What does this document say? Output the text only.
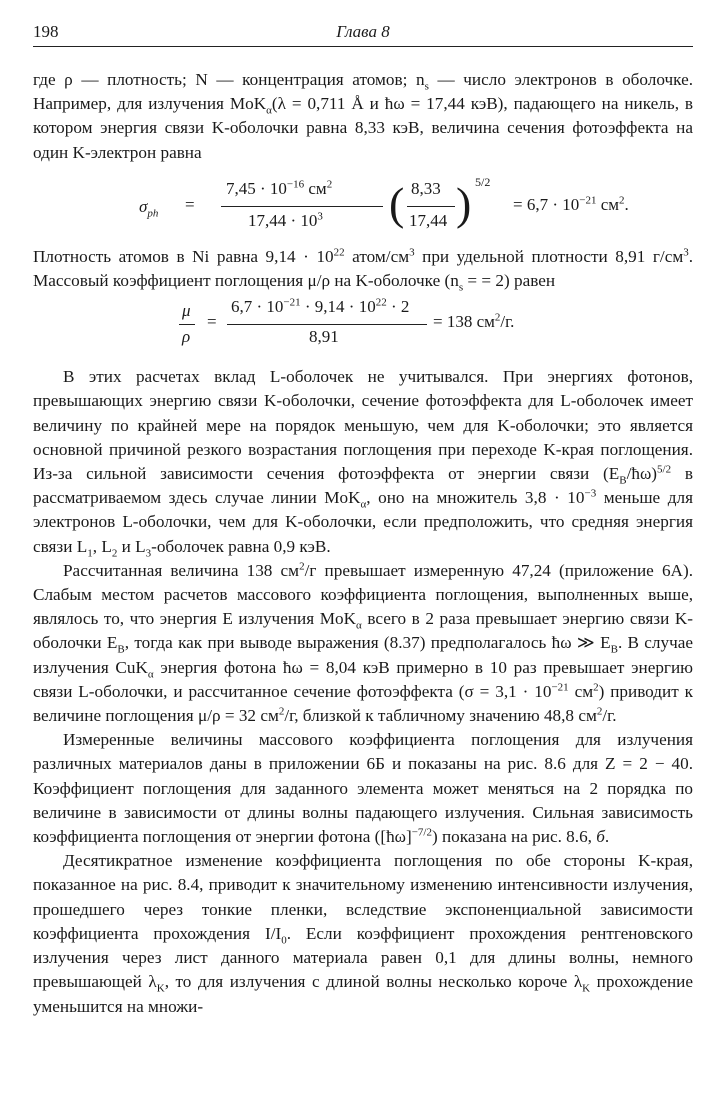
198	Глава 8

где ρ — плотность; N — концентрация атомов; $n_s$ — число электронов в оболочке. Например, для излучения MoK$_\alpha$(λ = 0,711 Å и ħω = 17,44 кэВ), падающего на никель, в котором энергия связи K-оболочки равна 8,33 кэВ, величина сечения фотоэффекта на один K-электрон равна

$\sigma_{ph}$ =
$7,45 \cdot 10^{-16}$ $см^2$
$17,44 \cdot 10^3$ ( 8,33
17,44 ) 5/2
= $6,7 \cdot 10^{-21}$ $см^2$.

Плотность атомов в Ni равна $9,14 \cdot 10^{22}$ атом/$см^3$ при удельной плотности 8,91 $г/см^3$. Массовый коэффициент поглощения μ/ρ на K-оболочке ($n_s$ = = 2) равен

μ
ρ
=
$6,7 \cdot 10^{-21} \cdot 9,14 \cdot 10^{22} \cdot 2$
8,91
= 138 $см^2/г$.

В этих расчетах вклад L-оболочек не учитывался. При энергиях фотонов, превышающих энергию связи K-оболочки, сечение фотоэффекта для L-оболочек имеет величину по крайней мере на порядок меньшую, чем для K-оболочки; это является основной причиной резкого возрастания поглощения при переходе K-края поглощения. Из-за сильной зависимости сечения фотоэффекта от энергии связи $(E_B/ħ\omega)^{5/2}$ в рассматриваемом здесь случае линии MoK$_\alpha$, оно на множитель $3,8 \cdot 10^{-3}$ меньше для электронов L-оболочки, чем для K-оболочки, если предположить, что средняя энергия связи $L_1$, $L_2$ и $L_3$-оболочек равна 0,9 кэВ.

Рассчитанная величина 138 $см^2/г$ превышает измеренную 47,24 (приложение 6А). Слабым местом расчетов массового коэффициента поглощения, выполненных выше, являлось то, что энергия E излучения MoK$_\alpha$ всего в 2 раза превышает энергию связи K-оболочки $E_B$, тогда как при выводе выражения (8.37) предполагалось ħω ≫ $E_B$. В случае излучения CuK$_\alpha$ энергия фотона ħω = 8,04 кэВ примерно в 10 раз превышает энергию связи L-оболочки, и рассчитанное сечение фотоэффекта ($\sigma = 3,1 \cdot 10^{-21}$ $см^2$) приводит к величине поглощения μ/ρ = 32 $см^2/г$, близкой к табличному значению 48,8 $см^2/г$.

Измеренные величины массового коэффициента поглощения для излучения различных материалов даны в приложении 6Б и показаны на рис. 8.6 для Z = 2 − 40. Коэффициент поглощения для заданного элемента может меняться на 2 порядка по величине в зависимости от длины волны падающего излучения. Сильная зависимость коэффициента поглощения от энергии фотона ([ħω]$^{-7/2}$) показана на рис. 8.6, б.

Десятикратное изменение коэффициента поглощения по обе стороны K-края, показанное на рис. 8.4, приводит к значительному изменению интенсивности излучения, прошедшего через тонкие пленки, вследствие экспоненциальной зависимости коэффициента прохождения $I/I_0$. Если коэффициент прохождения рентгеновского излучения через лист данного материала равен 0,1 для длины волны, немного превышающей $\lambda_K$, то для излучения с длиной волны несколько короче $\lambda_K$ прохождение уменьшится на множи-
